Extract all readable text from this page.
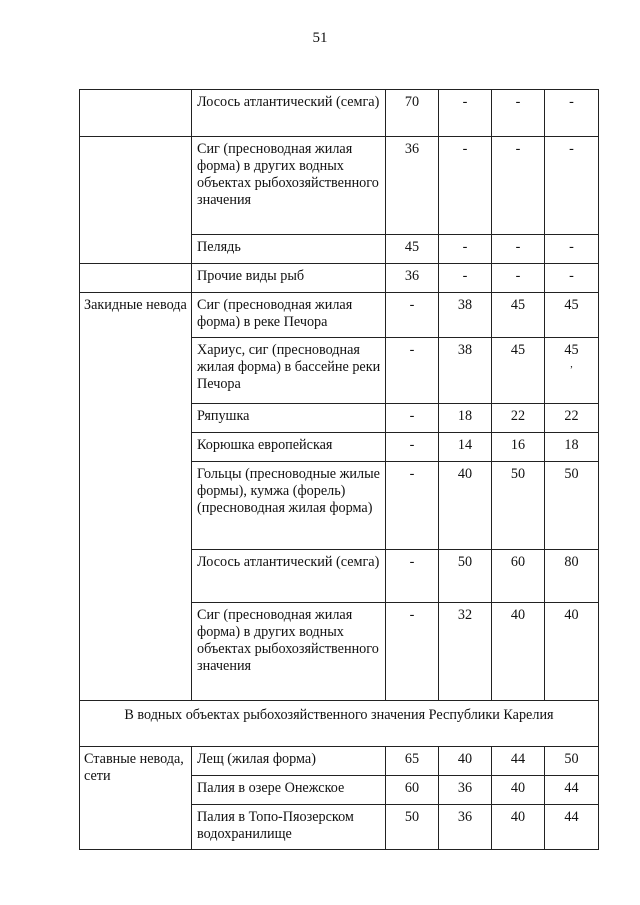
51
	Лосось атлантический (семга)	70	-	-	-
	Сиг (пресноводная жилая форма) в других водных объектах рыбохозяйственного значения	36	-	-	-
	Пелядь	45	-	-	-
	Прочие виды рыб	36	-	-	-
Закидные невода	Сиг (пресноводная жилая форма) в реке Печора	-	38	45	45
	Хариус, сиг (пресноводная жилая форма) в бассейне реки Печора	-	38	45	45
,

	Ряпушка	-	18	22	22
	Корюшка европейская	-	14	16	18
	Гольцы (пресноводные жилые формы), кумжа (форель) (пресноводная жилая форма)	-	40	50	50
	Лосось атлантический (семга)	-	50	60	80
	Сиг (пресноводная жилая форма) в других водных объектах рыбохозяйственного значения	-	32	40	40
В водных объектах рыбохозяйственного значения Республики Карелия					
Ставные невода, сети	Лещ (жилая форма)	65	40	44	50
	Палия в озере Онежское	60	36	40	44
	Палия в Топо-Пяозерском водохранилище	50	36	40	44
